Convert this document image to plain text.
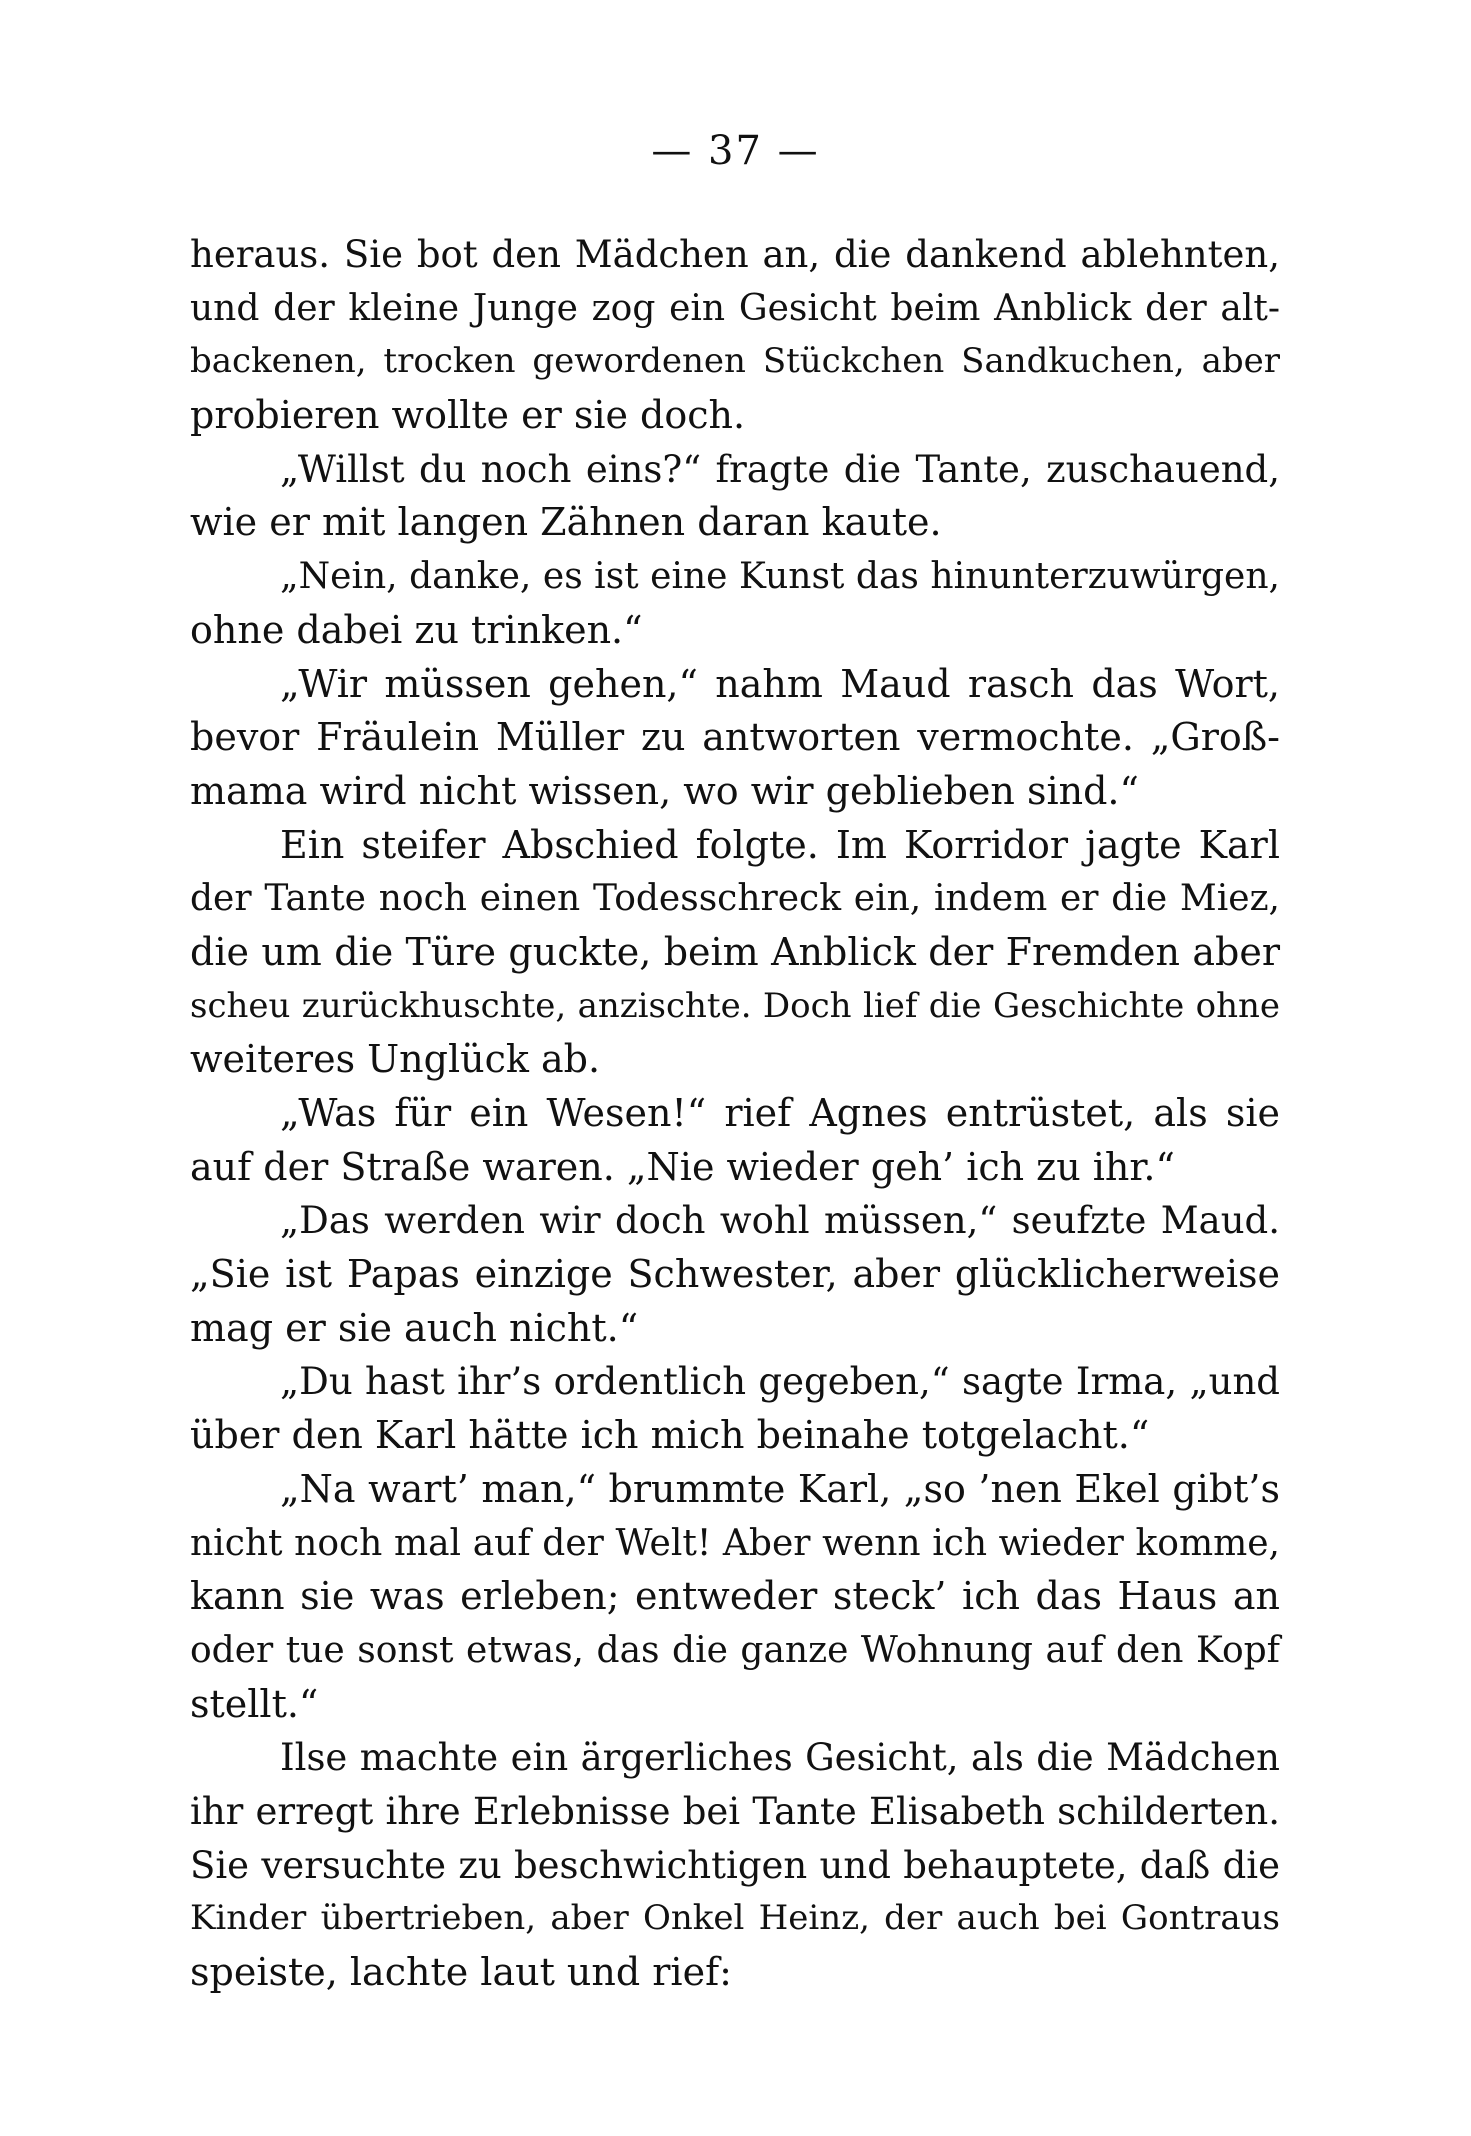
— 37 —
heraus. Sie bot den Mädchen an, die dankend ablehnten,
und der kleine Junge zog ein Gesicht beim Anblick der alt-
backenen, trocken gewordenen Stückchen Sandkuchen, aber
probieren wollte er sie doch.
„Willst du noch eins?“ fragte die Tante, zuschauend,
wie er mit langen Zähnen daran kaute.
„Nein, danke, es ist eine Kunst das hinunterzuwürgen,
ohne dabei zu trinken.“
„Wir müssen gehen,“ nahm Maud rasch das Wort,
bevor Fräulein Müller zu antworten vermochte. „Groß-
mama wird nicht wissen, wo wir geblieben sind.“
Ein steifer Abschied folgte. Im Korridor jagte Karl
der Tante noch einen Todesschreck ein, indem er die Miez,
die um die Türe guckte, beim Anblick der Fremden aber
scheu zurückhuschte, anzischte. Doch lief die Geschichte ohne
weiteres Unglück ab.
„Was für ein Wesen!“ rief Agnes entrüstet, als sie
auf der Straße waren. „Nie wieder geh’ ich zu ihr.“
„Das werden wir doch wohl müssen,“ seufzte Maud.
„Sie ist Papas einzige Schwester, aber glücklicherweise
mag er sie auch nicht.“
„Du hast ihr’s ordentlich gegeben,“ sagte Irma, „und
über den Karl hätte ich mich beinahe totgelacht.“
„Na wart’ man,“ brummte Karl, „so ’nen Ekel gibt’s
nicht noch mal auf der Welt! Aber wenn ich wieder komme,
kann sie was erleben; entweder steck’ ich das Haus an
oder tue sonst etwas, das die ganze Wohnung auf den Kopf
stellt.“
Ilse machte ein ärgerliches Gesicht, als die Mädchen
ihr erregt ihre Erlebnisse bei Tante Elisabeth schilderten.
Sie versuchte zu beschwichtigen und behauptete, daß die
Kinder übertrieben, aber Onkel Heinz, der auch bei Gontraus
speiste, lachte laut und rief:
